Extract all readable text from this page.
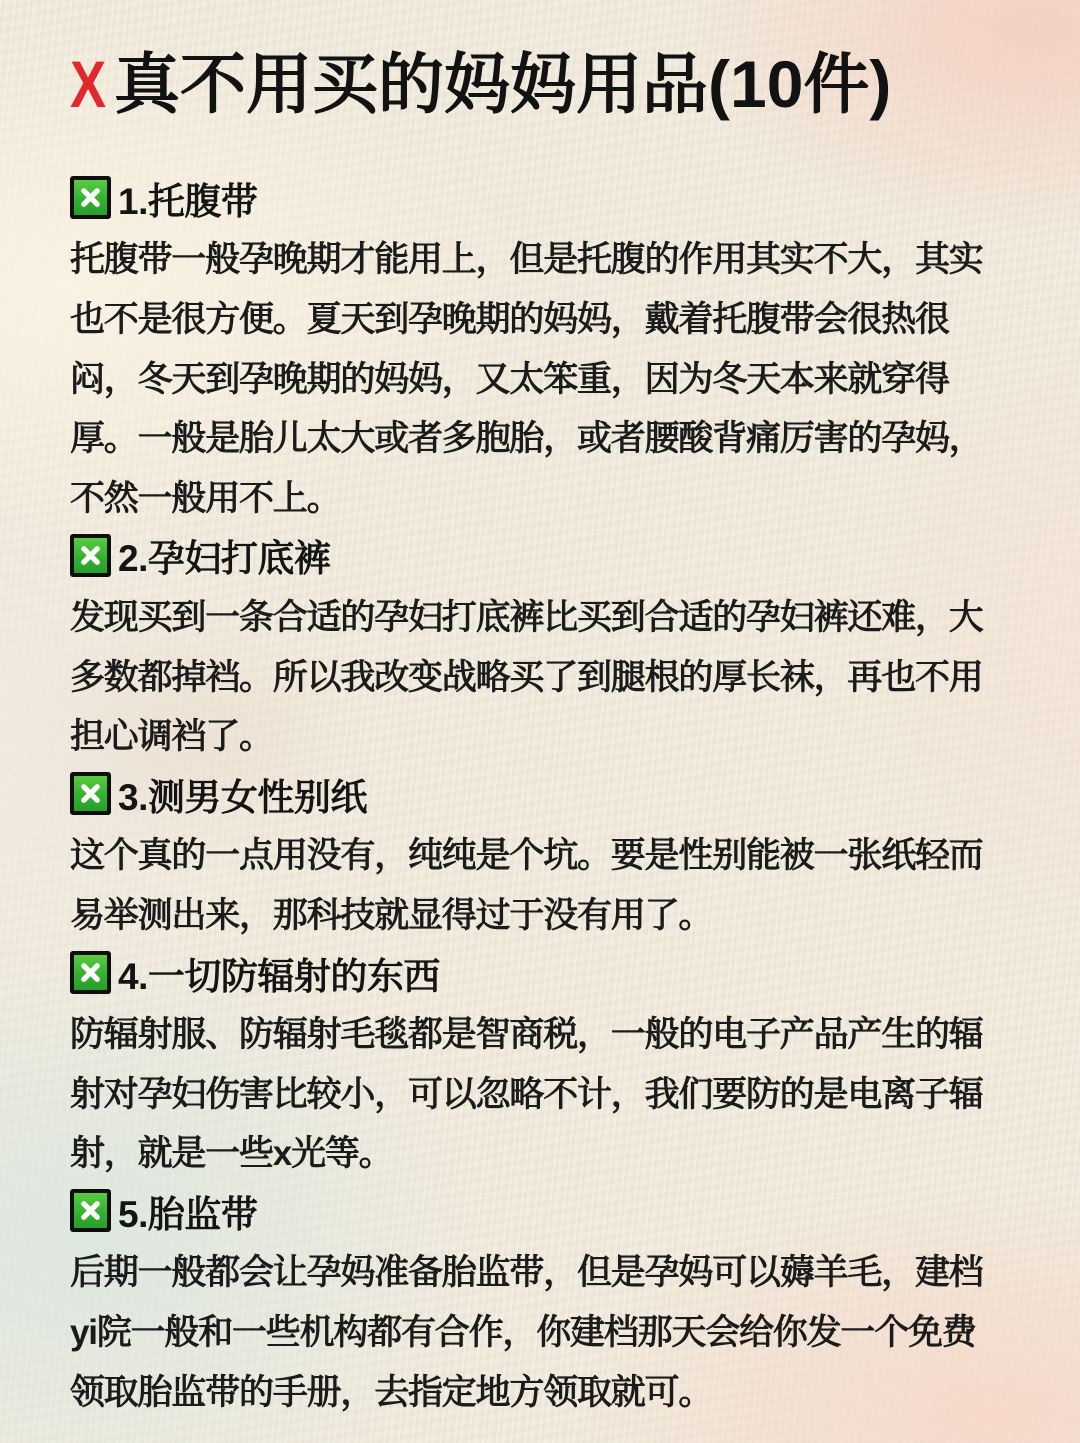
X 真不用买的妈妈用品(10件)
1.托腹带
托腹带一般孕晚期才能用上，但是托腹的作用其实不大，其实
也不是很方便。夏天到孕晚期的妈妈，戴着托腹带会很热很
闷，冬天到孕晚期的妈妈，又太笨重，因为冬天本来就穿得
厚。一般是胎儿太大或者多胞胎，或者腰酸背痛厉害的孕妈，
不然一般用不上。
2.孕妇打底裤
发现买到一条合适的孕妇打底裤比买到合适的孕妇裤还难，大
多数都掉裆。所以我改变战略买了到腿根的厚长袜，再也不用
担心调裆了。
3.测男女性别纸
这个真的一点用没有，纯纯是个坑。要是性别能被一张纸轻而
易举测出来，那科技就显得过于没有用了。
4.一切防辐射的东西
防辐射服、防辐射毛毯都是智商税，一般的电子产品产生的辐
射对孕妇伤害比较小，可以忽略不计，我们要防的是电离子辐
射，就是一些x光等。
5.胎监带
后期一般都会让孕妈准备胎监带，但是孕妈可以薅羊毛，建档
yi院一般和一些机构都有合作，你建档那天会给你发一个免费
领取胎监带的手册，去指定地方领取就可。
